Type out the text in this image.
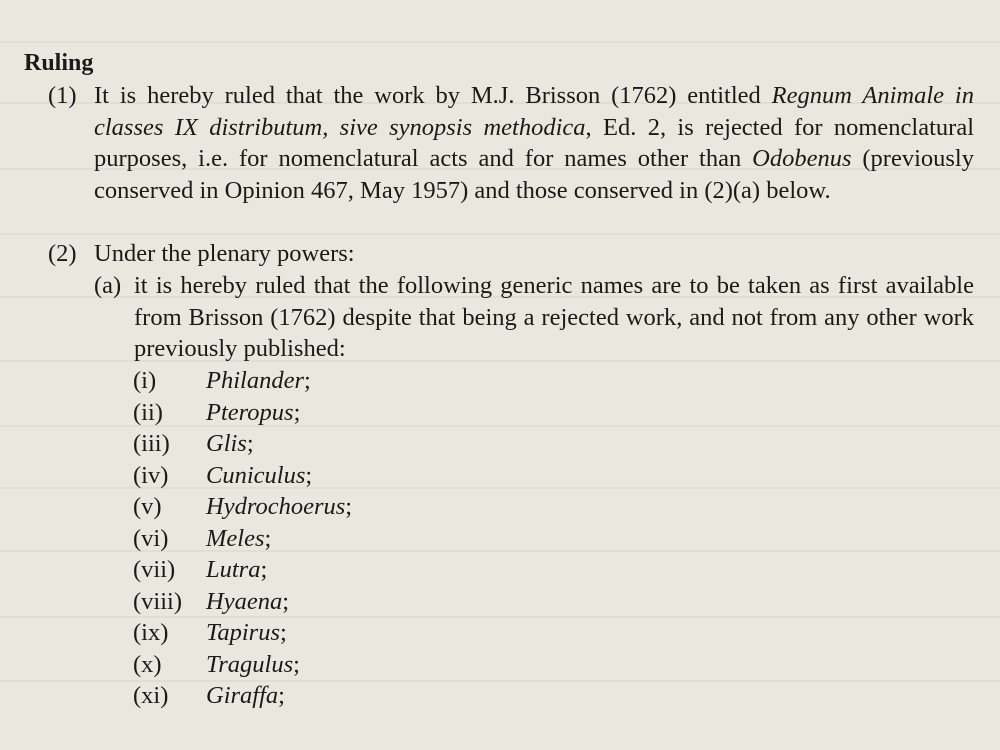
Ruling
(1) It is hereby ruled that the work by M.J. Brisson (1762) entitled Regnum Animale in classes IX distributum, sive synopsis methodica, Ed. 2, is rejected for nomenclatural purposes, i.e. for nomenclatural acts and for names other than Odobenus (previously conserved in Opinion 467, May 1957) and those conserved in (2)(a) below.
(2) Under the plenary powers:
(a) it is hereby ruled that the following generic names are to be taken as first available from Brisson (1762) despite that being a rejected work, and not from any other work previously published:
(i) Philander;
(ii) Pteropus;
(iii) Glis;
(iv) Cuniculus;
(v) Hydrochoerus;
(vi) Meles;
(vii) Lutra;
(viii) Hyaena;
(ix) Tapirus;
(x) Tragulus;
(xi) Giraffa;
